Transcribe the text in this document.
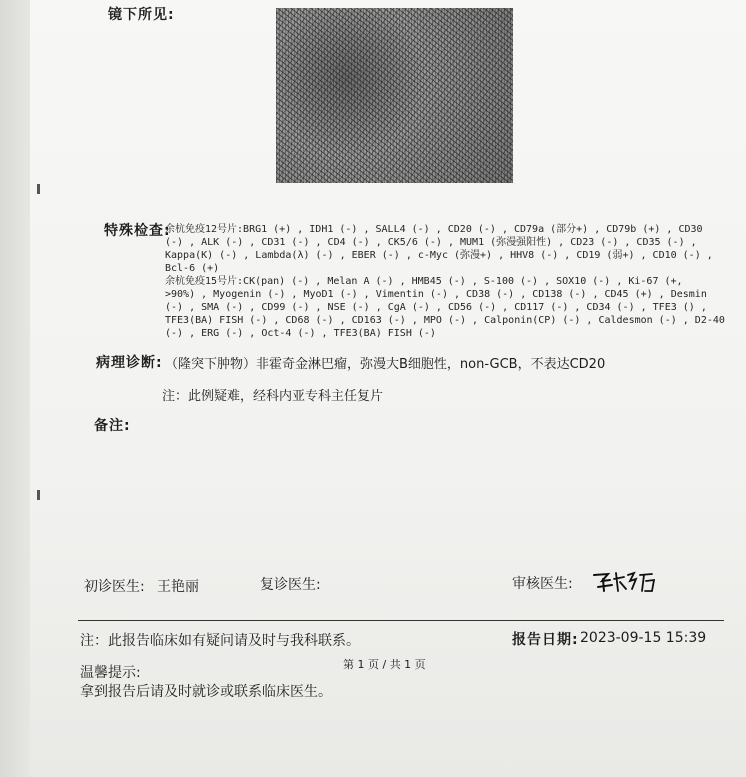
镜下所见:
特殊检查:
余杭免疫12号片:BRG1 (+) , IDH1 (-) , SALL4 (-) , CD20 (-) , CD79a (部分+) , CD79b (+) , CD30
(-) , ALK (-) , CD31 (-) , CD4 (-) , CK5/6 (-) , MUM1 (弥漫强阳性) , CD23 (-) , CD35 (-) ,
Kappa(K) (-) , Lambda(λ) (-) , EBER (-) , c-Myc (弥漫+) , HHV8 (-) , CD19 (弱+) , CD10 (-) ,
Bcl-6 (+)
余杭免疫15号片:CK(pan) (-) , Melan A (-) , HMB45 (-) , S-100 (-) , SOX10 (-) , Ki-67 (+,
>90%) , Myogenin (-) , MyoD1 (-) , Vimentin (-) , CD38 (-) , CD138 (-) , CD45 (+) , Desmin
(-) , SMA (-) , CD99 (-) , NSE (-) , CgA (-) , CD56 (-) , CD117 (-) , CD34 (-) , TFE3 () ,
TFE3(BA) FISH (-) , CD68 (-) , CD163 (-) , MPO (-) , Calponin(CP) (-) , Caldesmon (-) , D2-40
(-) , ERG (-) , Oct-4 (-) , TFE3(BA) FISH (-)
病理诊断: （隆突下肿物）非霍奇金淋巴瘤，弥漫大B细胞性，non-GCB，不表达CD20
注：此例疑难，经科内亚专科主任复片
备注:
初诊医生: 王艳丽	复诊医生:	审核医生:
注：此报告临床如有疑问请及时与我科联系。	报告日期: 2023-09-15 15:39
第 1 页 / 共 1 页
温馨提示:
拿到报告后请及时就诊或联系临床医生。
